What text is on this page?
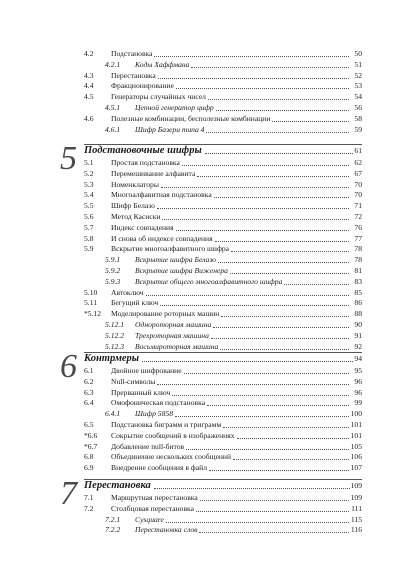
4.2	Подстановка	50
4.2.1	Коды Хаффмана	51
4.3	Перестановка	52
4.4	Фракционирование	53
4.5	Генераторы случайных чисел	54
4.5.1	Цепной генератор цифр	56
4.6	Полезные комбинации, бесполезные комбинации	58
4.6.1	Шифр Базери типа 4	59
5 Подстановочные шифры	61
5.1	Простая подстановка	62
5.2	Перемешивание алфавита	67
5.3	Номенклаторы	70
5.4	Многоалфавитная подстановка	70
5.5	Шифр Белазо	71
5.6	Метод Касиски	72
5.7	Индекс совпадения	76
5.8	И снова об индексе совпадения	77
5.9	Вскрытие многоалфавитного шифра	78
5.9.1	Вскрытие шифра Белазо	78
5.9.2	Вскрытие шифра Виженера	81
5.9.3	Вскрытие общего многоалфавитного шифра	83
5.10	Автоключ	85
5.11	Бегущий ключ	86
*5.12	Моделирование роторных машин	88
5.12.1	Однороторная машина	90
5.12.2	Трехроторная машина	91
5.12.3	Восьмироторная машина	92
6 Контрмеры	94
6.1	Двойное шифрование	95
6.2	Null-символы	96
6.3	Прерванный ключ	96
6.4	Омофоническая подстановка	99
6.4.1	Шифр 5858	100
6.5	Подстановка биграмм и триграмм	101
*6.6	Сокрытие сообщений в изображениях	101
*6.7	Добавление null-битов	105
6.8	Объединение нескольких сообщений	106
6.9	Внедрение сообщения в файл	107
7 Перестановка	109
7.1	Маршрутная перестановка	109
7.2	Столбцовая перестановка	111
7.2.1	Cysquare	115
7.2.2	Перестановка слов	116
